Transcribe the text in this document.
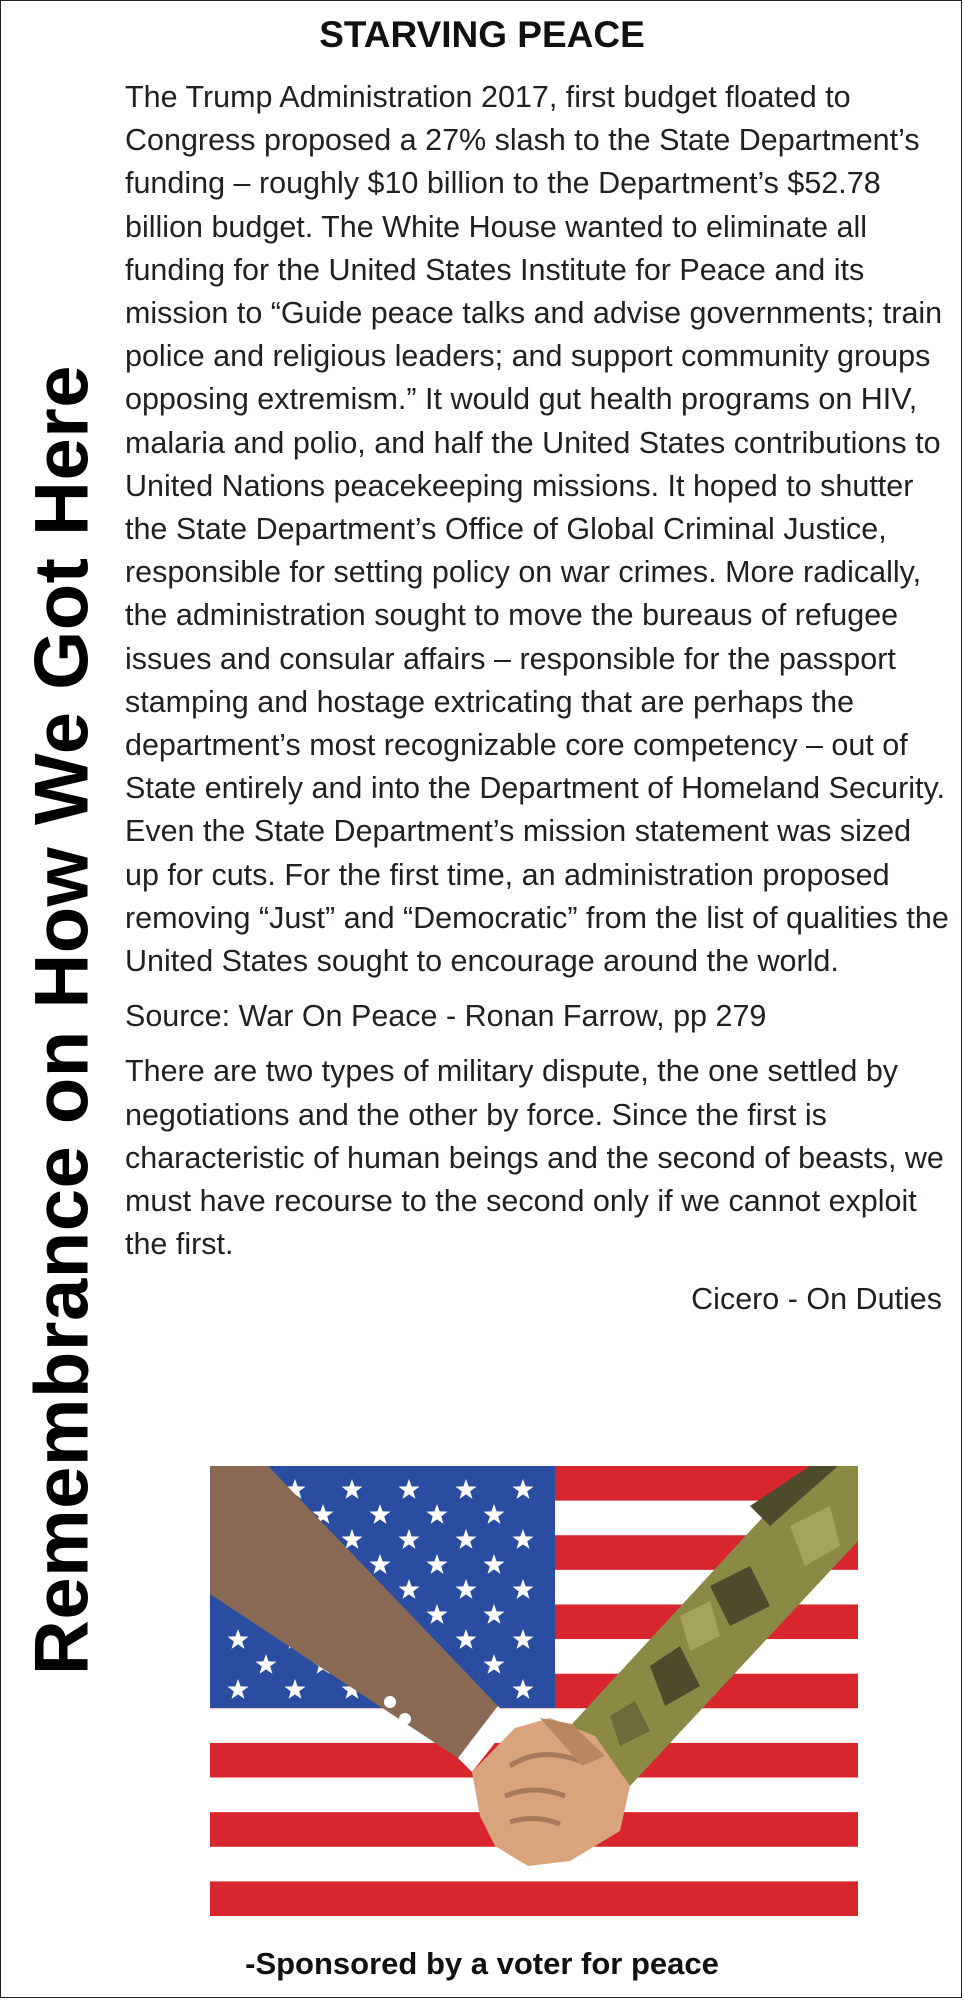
Remembrance on How We Got Here
STARVING PEACE

The Trump Administration 2017, first budget floated to Congress proposed a 27% slash to the State Department’s funding – roughly $10 billion to the Department’s $52.78 billion budget. The White House wanted to eliminate all funding for the United States Institute for Peace and its mission to “Guide peace talks and advise governments; train police and religious leaders; and support community groups opposing extremism.” It would gut health programs on HIV, malaria and polio, and half the United States contributions to United Nations peacekeeping missions. It hoped to shutter the State Department’s Office of Global Criminal Justice, responsible for setting policy on war crimes. More radically, the administration sought to move the bureaus of refugee issues and consular affairs – responsible for the passport stamping and hostage extricating that are perhaps the department’s most recognizable core competency – out of State entirely and into the Department of Homeland Security. Even the State Department’s mission statement was sized up for cuts. For the first time, an administration proposed removing “Just” and “Democratic” from the list of qualities the United States sought to encourage around the world.

Source: War On Peace - Ronan Farrow, pp 279

There are two types of military dispute, the one settled by negotiations and the other by force. Since the first is characteristic of human beings and the second of beasts, we must have recourse to the second only if we cannot exploit the first.

Cicero - On Duties

-Sponsored by a voter for peace
